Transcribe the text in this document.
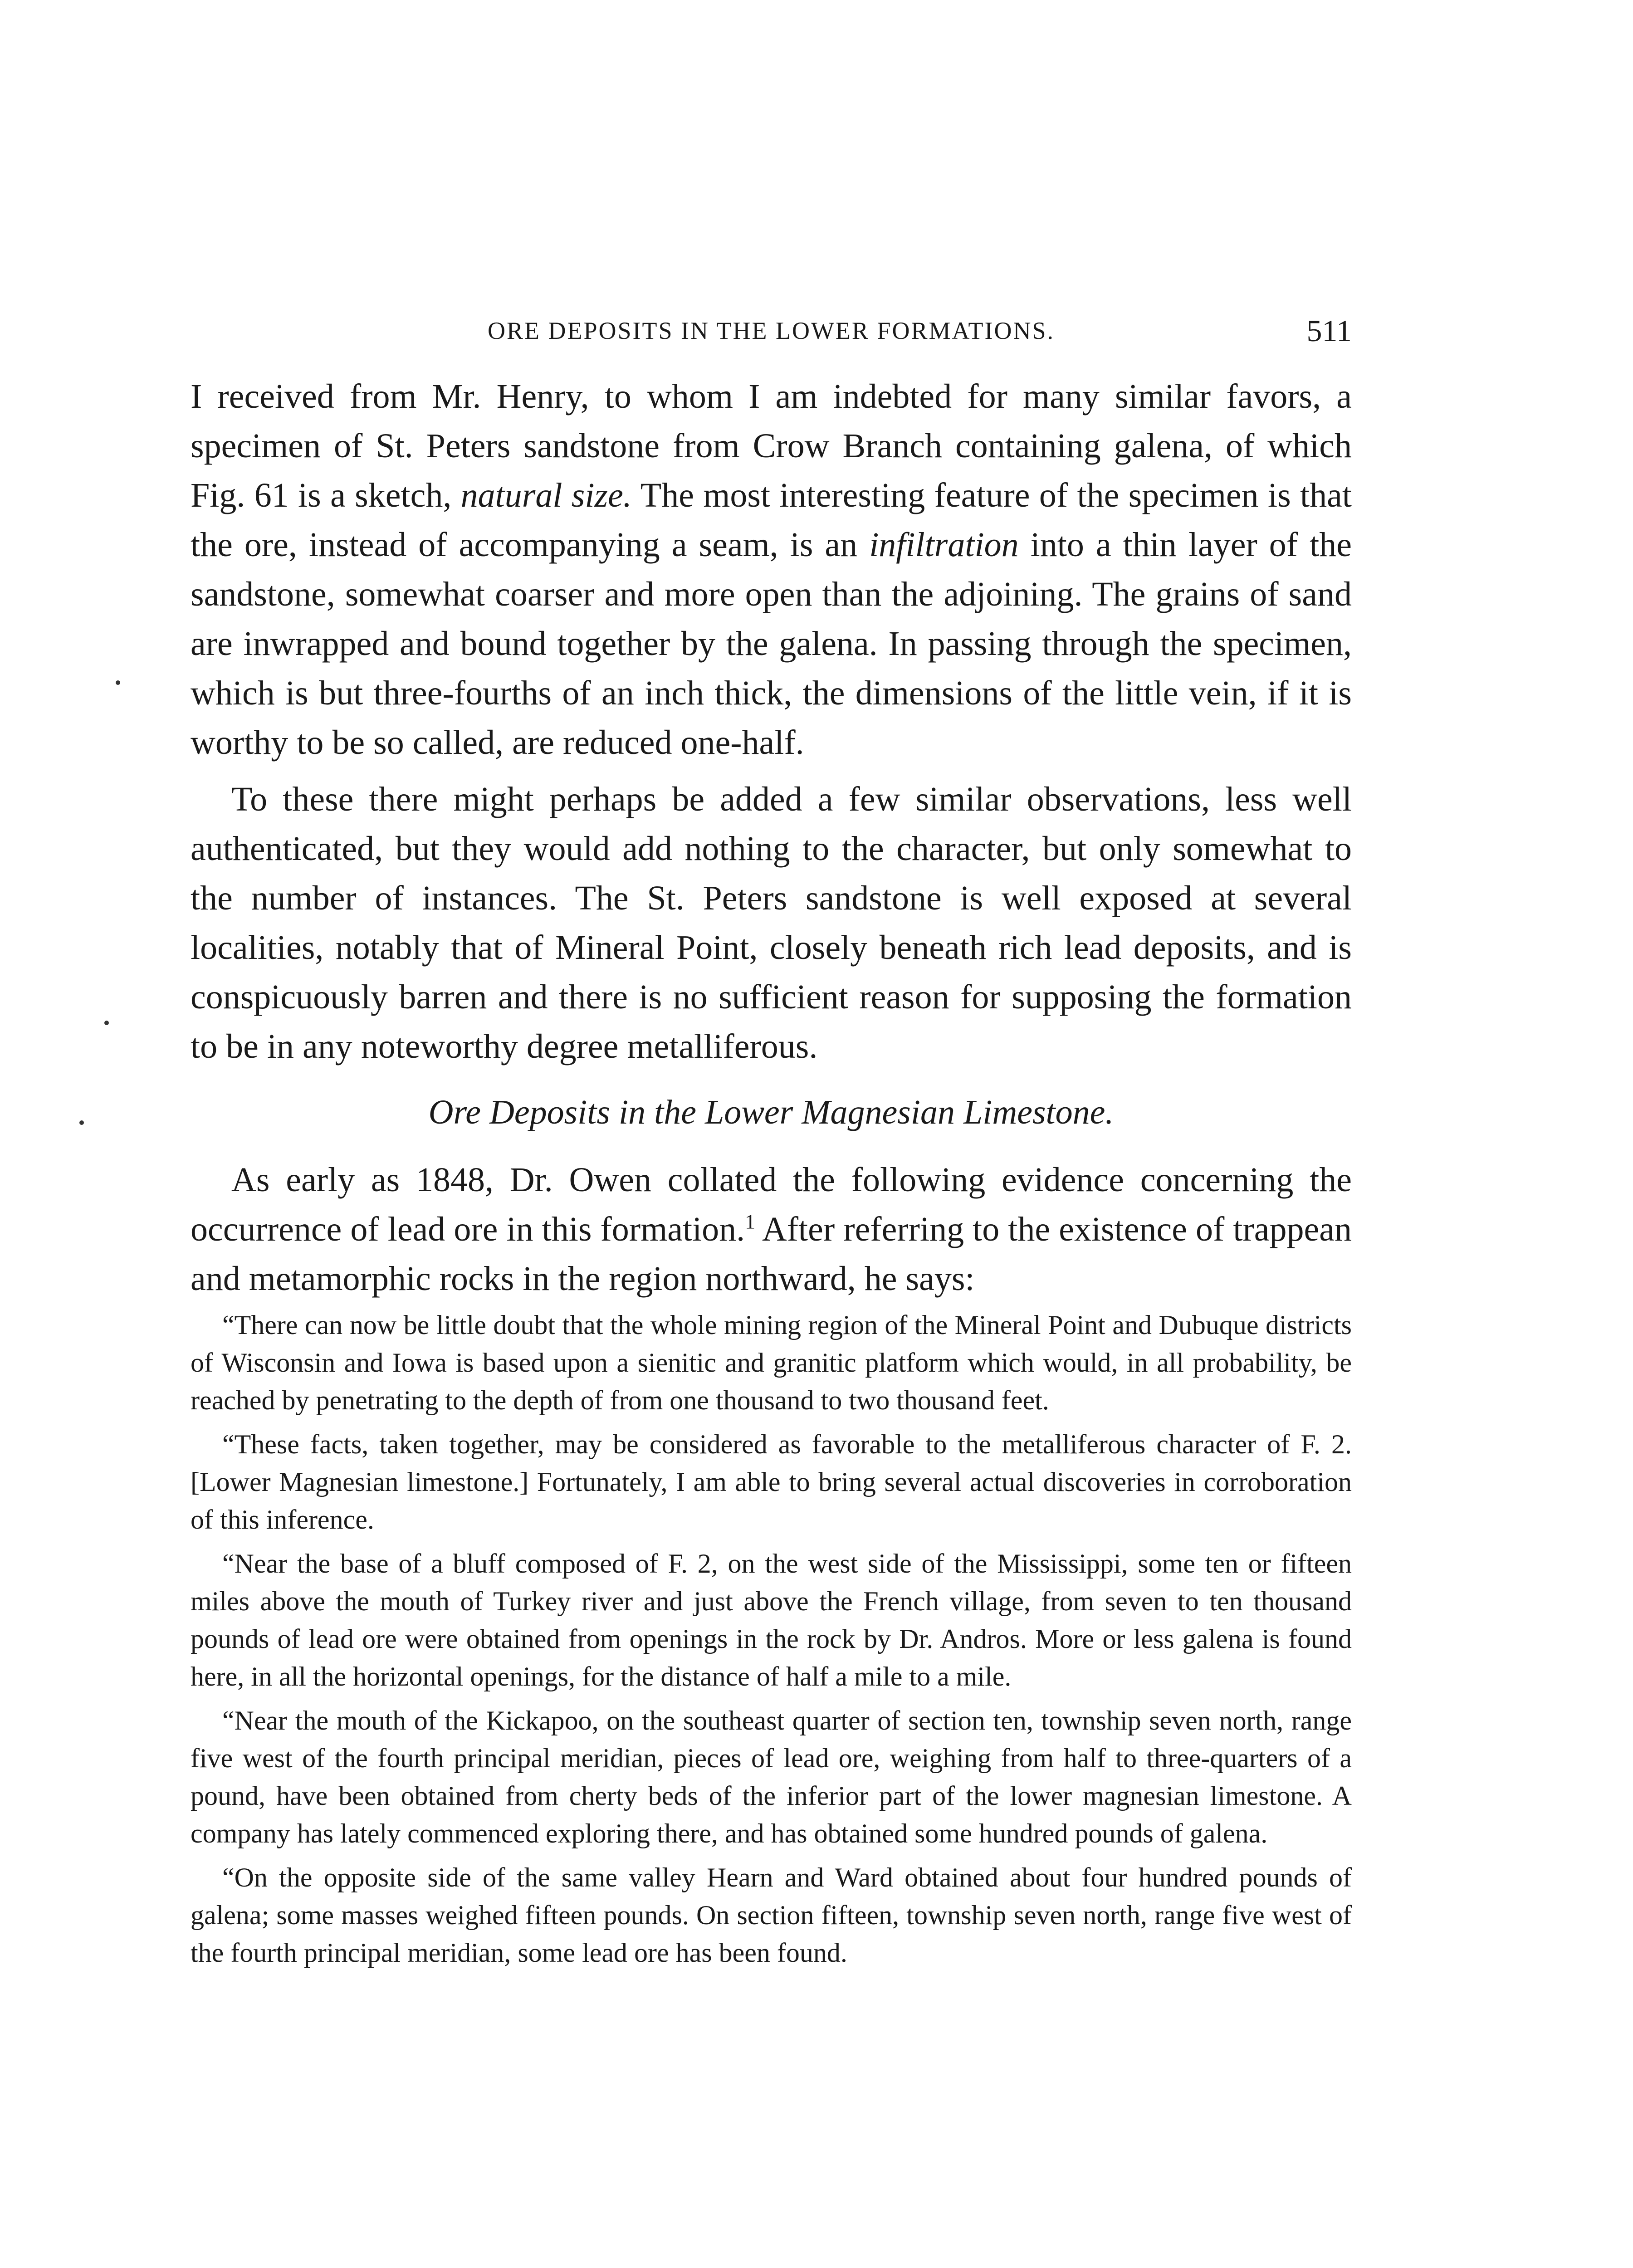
ORE DEPOSITS IN THE LOWER FORMATIONS.	511

I received from Mr. Henry, to whom I am indebted for many similar favors, a specimen of St. Peters sandstone from Crow Branch containing galena, of which Fig. 61 is a sketch, natural size. The most interesting feature of the specimen is that the ore, instead of accompanying a seam, is an infiltration into a thin layer of the sandstone, somewhat coarser and more open than the adjoining. The grains of sand are inwrapped and bound together by the galena. In passing through the specimen, which is but three-fourths of an inch thick, the dimensions of the little vein, if it is worthy to be so called, are reduced one-half.

To these there might perhaps be added a few similar observations, less well authenticated, but they would add nothing to the character, but only somewhat to the number of instances. The St. Peters sandstone is well exposed at several localities, notably that of Mineral Point, closely beneath rich lead deposits, and is conspicuously barren and there is no sufficient reason for supposing the formation to be in any noteworthy degree metalliferous.

Ore Deposits in the Lower Magnesian Limestone.

As early as 1848, Dr. Owen collated the following evidence concerning the occurrence of lead ore in this formation.$^1$ After referring to the existence of trappean and metamorphic rocks in the region northward, he says:

“There can now be little doubt that the whole mining region of the Mineral Point and Dubuque districts of Wisconsin and Iowa is based upon a sienitic and granitic platform which would, in all probability, be reached by penetrating to the depth of from one thousand to two thousand feet.

“These facts, taken together, may be considered as favorable to the metalliferous character of F. 2. [Lower Magnesian limestone.] Fortunately, I am able to bring several actual discoveries in corroboration of this inference.

“Near the base of a bluff composed of F. 2, on the west side of the Mississippi, some ten or fifteen miles above the mouth of Turkey river and just above the French village, from seven to ten thousand pounds of lead ore were obtained from openings in the rock by Dr. Andros. More or less galena is found here, in all the horizontal openings, for the distance of half a mile to a mile.

“Near the mouth of the Kickapoo, on the southeast quarter of section ten, township seven north, range five west of the fourth principal meridian, pieces of lead ore, weighing from half to three-quarters of a pound, have been obtained from cherty beds of the inferior part of the lower magnesian limestone. A company has lately commenced exploring there, and has obtained some hundred pounds of galena.

“On the opposite side of the same valley Hearn and Ward obtained about four hundred pounds of galena; some masses weighed fifteen pounds. On section fifteen, township seven north, range five west of the fourth principal meridian, some lead ore has been found.
